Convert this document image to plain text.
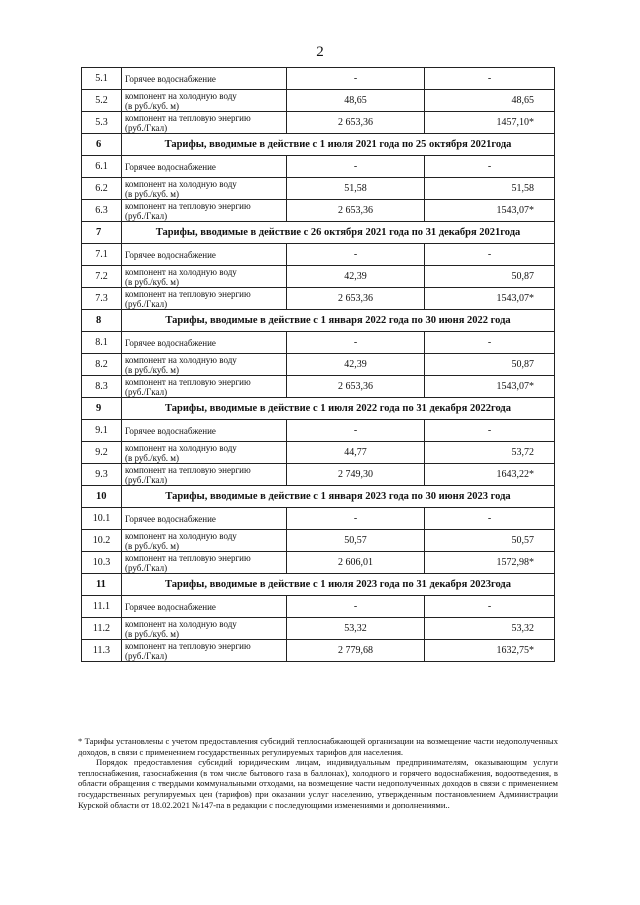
2
5.1	Горячее водоснабжение	-	-
5.2	компонент на холодную воду
(в руб./куб. м)	48,65	48,65
5.3	компонент на тепловую энергию
(руб./Гкал)	2 653,36	1457,10*
6	Тарифы, вводимые в действие с 1 июля 2021 года по 25 октября 2021года		
6.1	Горячее водоснабжение	-	-
6.2	компонент на холодную воду
(в руб./куб. м)	51,58	51,58
6.3	компонент на тепловую энергию
(руб./Гкал)	2 653,36	1543,07*
7	Тарифы, вводимые в действие с 26 октября 2021 года по 31 декабря 2021года		
7.1	Горячее водоснабжение	-	-
7.2	компонент на холодную воду
(в руб./куб. м)	42,39	50,87
7.3	компонент на тепловую энергию
(руб./Гкал)	2 653,36	1543,07*
8	Тарифы, вводимые в действие с 1 января 2022 года по 30 июня 2022 года		
8.1	Горячее водоснабжение	-	-
8.2	компонент на холодную воду
(в руб./куб. м)	42,39	50,87
8.3	компонент на тепловую энергию
(руб./Гкал)	2 653,36	1543,07*
9	Тарифы, вводимые в действие с 1 июля 2022 года по 31 декабря 2022года		
9.1	Горячее водоснабжение	-	-
9.2	компонент на холодную воду
(в руб./куб. м)	44,77	53,72
9.3	компонент на тепловую энергию
(руб./Гкал)	2 749,30	1643,22*
10	Тарифы, вводимые в действие с 1 января 2023 года по 30 июня 2023 года		
10.1	Горячее водоснабжение	-	-
10.2	компонент на холодную воду
(в руб./куб. м)	50,57	50,57
10.3	компонент на тепловую энергию
(руб./Гкал)	2 606,01	1572,98*
11	Тарифы, вводимые в действие с 1 июля 2023 года по 31 декабря 2023года		
11.1	Горячее водоснабжение	-	-
11.2	компонент на холодную воду
(в руб./куб. м)	53,32	53,32
11.3	компонент на тепловую энергию
(руб./Гкал)	2 779,68	1632,75*

* Тарифы установлены с учетом предоставления субсидий теплоснабжающей организации на возмещение части недополученных доходов, в связи с применением государственных регулируемых тарифов для населения.

Порядок предоставления субсидий юридическим лицам, индивидуальным предпринимателям, оказывающим услуги теплоснабжения, газоснабжения (в том числе бытового газа в баллонах), холодного и горячего водоснабжения, водоотведения, в области обращения с твердыми коммунальными отходами, на возмещение части недополученных доходов в связи с применением государственных регулируемых цен (тарифов) при оказании услуг населению, утвержденным постановлением Администрации Курской области от 18.02.2021 №147-па в редакции с последующими изменениями и дополнениями..
